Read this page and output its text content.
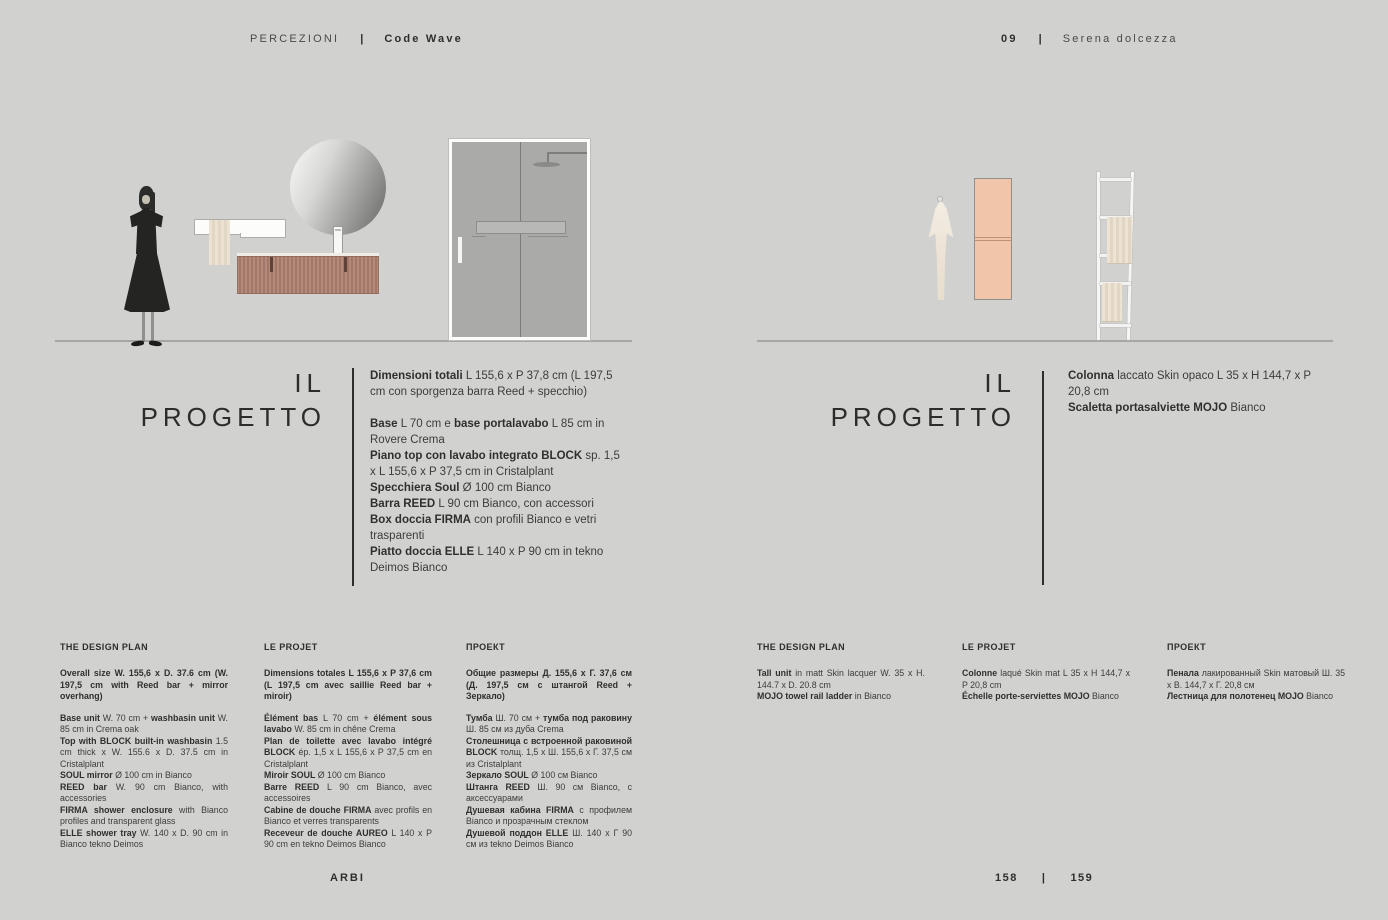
PERCEZIONI | Code Wave	09 | Serena dolcezza
IL
PROGETTO
Dimensioni totali L 155,6 x P 37,8 cm (L 197,5 cm con sporgenza barra Reed + specchio)

Base L 70 cm e base portalavabo L 85 cm in Rovere Crema

Piano top con lavabo integrato BLOCK sp. 1,5 x L 155,6 x P 37,5 cm in Cristalplant

Specchiera Soul Ø 100 cm Bianco

Barra REED L 90 cm Bianco, con accessori

Box doccia FIRMA con profili Bianco e vetri trasparenti

Piatto doccia ELLE L 140 x P 90 cm in tekno Deimos Bianco

IL
PROGETTO

Colonna laccato Skin opaco L 35 x H 144,7 x P 20,8 cm

Scaletta portasalviette MOJO Bianco

THE DESIGN PLAN
Overall size W. 155,6 x D. 37.6 cm (W. 197,5 cm with Reed bar + mirror overhang)

Base unit W. 70 cm + washbasin unit W. 85 cm in Crema oak

Top with BLOCK built-in washbasin 1.5 cm thick x W. 155.6 x D. 37.5 cm in Cristalplant

SOUL mirror Ø 100 cm in Bianco

REED bar W. 90 cm Bianco, with accessories

FIRMA shower enclosure with Bianco profiles and transparent glass

ELLE shower tray W. 140 x D. 90 cm in Bianco tekno Deimos

LE PROJET
Dimensions totales L 155,6 x P 37,6 cm (L 197,5 cm avec saillie Reed bar + miroir)

Élément bas L 70 cm + élément sous lavabo W. 85 cm in chêne Crema

Plan de toilette avec lavabo intégré BLOCK ép. 1,5 x L 155,6 x P 37,5 cm en Cristalplant

Miroir SOUL Ø 100 cm Bianco

Barre REED L 90 cm Bianco, avec accessoires

Cabine de douche FIRMA avec profils en Bianco et verres transparents

Receveur de douche AUREO L 140 x P 90 cm en tekno Deimos Bianco

ПРОЕКТ
Общие размеры Д. 155,6 х Г. 37,6 см (Д. 197,5 см с штангой Reed + Зеркало)

Тумба Ш. 70 см + тумба под раковину Ш. 85 см из дуба Crema

Столешница с встроенной раковиной BLOCK толщ. 1,5 х Ш. 155,6 х Г. 37,5 см из Cristalplant

Зеркало SOUL Ø 100 см Bianco

Штанга REED Ш. 90 см Bianco, с аксессуарами

Душевая кабина FIRMA с профилем Bianco и прозрачным стеклом

Душевой поддон ELLE Ш. 140 х Г 90 см из tekno Deimos Bianco

THE DESIGN PLAN

Tall unit in matt Skin lacquer W. 35 x H. 144.7 x D. 20.8 cm

MOJO towel rail ladder in Bianco

LE PROJET

Colonne laqué Skin mat L 35 x H 144,7 x P 20,8 cm

Échelle porte-serviettes MOJO Bianco

ПРОЕКТ

Пенала лакированный Skin матовый Ш. 35 х В. 144,7 х Г. 20,8 см

Лестница для полотенец MOJO Bianco

ARBI	158 | 159
